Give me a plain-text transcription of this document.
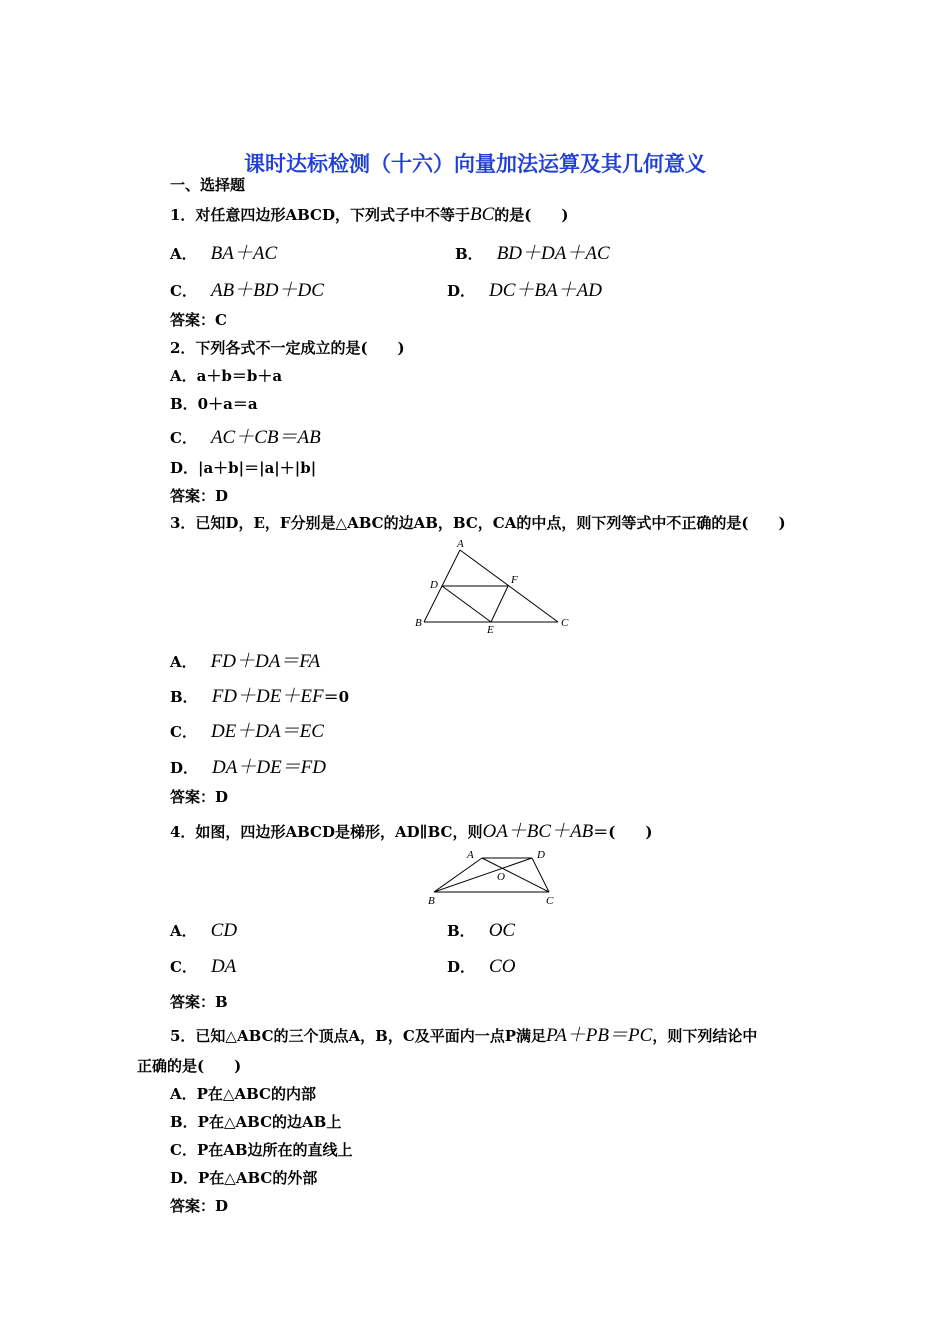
课时达标检测（十六）向量加法运算及其几何意义
一、选择题
1．对任意四边形ABCD，下列式子中不等于BC的是(　　)
A． BA＋AC	B． BD＋DA＋AC
C． AB＋BD＋DC	D． DC＋BA＋AD
答案：C
2．下列各式不一定成立的是(　　)
A．a＋b＝b＋a
B．0＋a＝a
C． AC＋CB＝AB
D．|a＋b|＝|a|＋|b|
答案：D
3．已知D，E，F分别是△ABC的边AB，BC，CA的中点，则下列等式中不正确的是(　　)
A
B	C
D
E
F
A． FD＋DA＝FA
B． FD＋DE＋EF＝0
C． DE＋DA＝EC
D． DA＋DE＝FD
答案：D
4．如图，四边形ABCD是梯形，AD∥BC，则OA＋BC＋AB＝(　　)
A	D
O
B	C
A． CD	B． OC
C． DA	D． CO
答案：B
5．已知△ABC的三个顶点A，B，C及平面内一点P满足PA＋PB＝PC，则下列结论中
正确的是(　　)
A．P在△ABC的内部
B．P在△ABC的边AB上
C．P在AB边所在的直线上
D．P在△ABC的外部
答案：D
